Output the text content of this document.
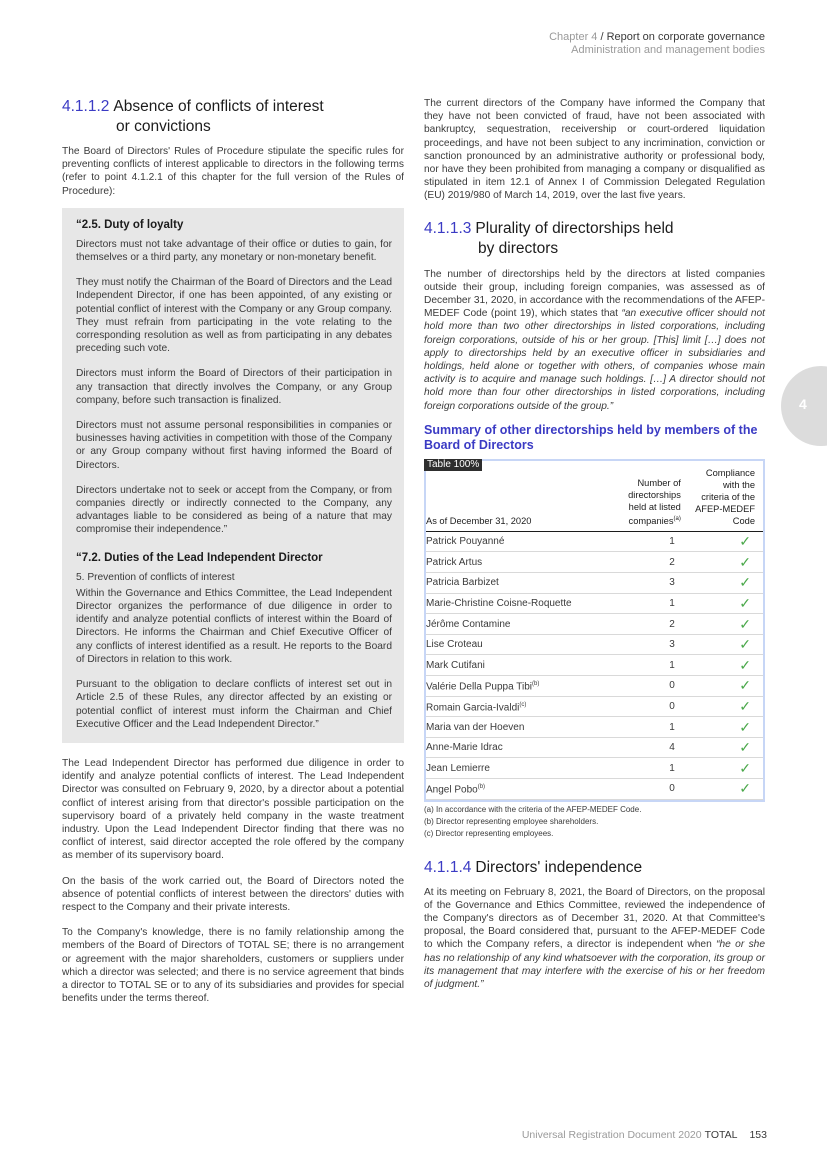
Chapter 4 / Report on corporate governance
Administration and management bodies
4
4.1.1.2 Absence of conflicts of interest
or convictions

The Board of Directors' Rules of Procedure stipulate the specific rules for preventing conflicts of interest applicable to directors in the following terms (refer to point 4.1.2.1 of this chapter for the full version of the Rules of Procedure):

“2.5. Duty of loyalty

Directors must not take advantage of their office or duties to gain, for themselves or a third party, any monetary or non-monetary benefit.

They must notify the Chairman of the Board of Directors and the Lead Independent Director, if one has been appointed, of any existing or potential conflict of interest with the Company or any Group company. They must refrain from participating in the vote relating to the corresponding resolution as well as from participating in any debates preceding such vote.

Directors must inform the Board of Directors of their participation in any transaction that directly involves the Company, or any Group company, before such transaction is finalized.

Directors must not assume personal responsibilities in companies or businesses having activities in competition with those of the Company or any Group company without first having informed the Board of Directors.

Directors undertake not to seek or accept from the Company, or from companies directly or indirectly connected to the Company, any advantages liable to be considered as being of a nature that may compromise their independence.”

“7.2. Duties of the Lead Independent Director

5. Prevention of conflicts of interest

Within the Governance and Ethics Committee, the Lead Independent Director organizes the performance of due diligence in order to identify and analyze potential conflicts of interest within the Board of Directors. He informs the Chairman and Chief Executive Officer of any conflicts of interest identified as a result. He reports to the Board of Directors in relation to this work.

Pursuant to the obligation to declare conflicts of interest set out in Article 2.5 of these Rules, any director affected by an existing or potential conflict of interest must inform the Chairman and Chief Executive Officer and the Lead Independent Director.”

The Lead Independent Director has performed due diligence in order to identify and analyze potential conflicts of interest. The Lead Independent Director was consulted on February 9, 2020, by a director about a potential conflict of interest arising from that director's possible participation on the supervisory board of a privately held company in the waste treatment industry. Upon the Lead Independent Director finding that there was no conflict of interest, said director accepted the role offered by the company as member of its supervisory board.

On the basis of the work carried out, the Board of Directors noted the absence of potential conflicts of interest between the directors' duties with respect to the Company and their private interests.

To the Company's knowledge, there is no family relationship among the members of the Board of Directors of TOTAL SE; there is no arrangement or agreement with the major shareholders, customers or suppliers under which a director was selected; and there is no service agreement that binds a director to TOTAL SE or to any of its subsidiaries and provides for special benefits under the terms thereof.

The current directors of the Company have informed the Company that they have not been convicted of fraud, have not been associated with bankruptcy, sequestration, receivership or court-ordered liquidation proceedings, and have not been subject to any incrimination, conviction or sanction pronounced by an administrative authority or professional body, nor have they been prohibited from managing a company or disqualified as stipulated in item 12.1 of Annex I of Commission Delegated Regulation (EU) 2019/980 of March 14, 2019, over the last five years.

4.1.1.3 Plurality of directorships held
by directors

The number of directorships held by the directors at listed companies outside their group, including foreign companies, was assessed as of December 31, 2020, in accordance with the recommendations of the AFEP-MEDEF Code (point 19), which states that “an executive officer should not hold more than two other directorships in listed corporations, including foreign corporations, outside of his or her group. [This] limit […] does not apply to directorships held by an executive officer in subsidiaries and holdings, held alone or together with others, of companies whose main activity is to acquire and manage such holdings. […] A director should not hold more than four other directorships in listed corporations, including foreign corporations outside of the group.”

Summary of other directorships held by members of the Board of Directors
Table 100%
As of December 31, 2020	Number of
directorships
held at listed
companies$^{(a)}$	Compliance
with the
criteria of the
AFEP-MEDEF
Code
Patrick Pouyanné	1	✓
Patrick Artus	2	✓
Patricia Barbizet	3	✓
Marie-Christine Coisne-Roquette	1	✓
Jérôme Contamine	2	✓
Lise Croteau	3	✓
Mark Cutifani	1	✓
Valérie Della Puppa Tibi$^{(b)}$	0	✓
Romain Garcia-Ivaldi$^{(c)}$	0	✓
Maria van der Hoeven	1	✓
Anne-Marie Idrac	4	✓
Jean Lemierre	1	✓
Angel Pobo$^{(b)}$	0	✓
(a) In accordance with the criteria of the AFEP-MEDEF Code.
(b) Director representing employee shareholders.
(c) Director representing employees.
4.1.1.4 Directors' independence

At its meeting on February 8, 2021, the Board of Directors, on the proposal of the Governance and Ethics Committee, reviewed the independence of the Company's directors as of December 31, 2020. At that Committee's proposal, the Board considered that, pursuant to the AFEP-MEDEF Code to which the Company refers, a director is independent when “he or she has no relationship of any kind whatsoever with the corporation, its group or its management that may interfere with the exercise of his or her freedom of judgment.”

Universal Registration Document 2020 TOTAL 153
